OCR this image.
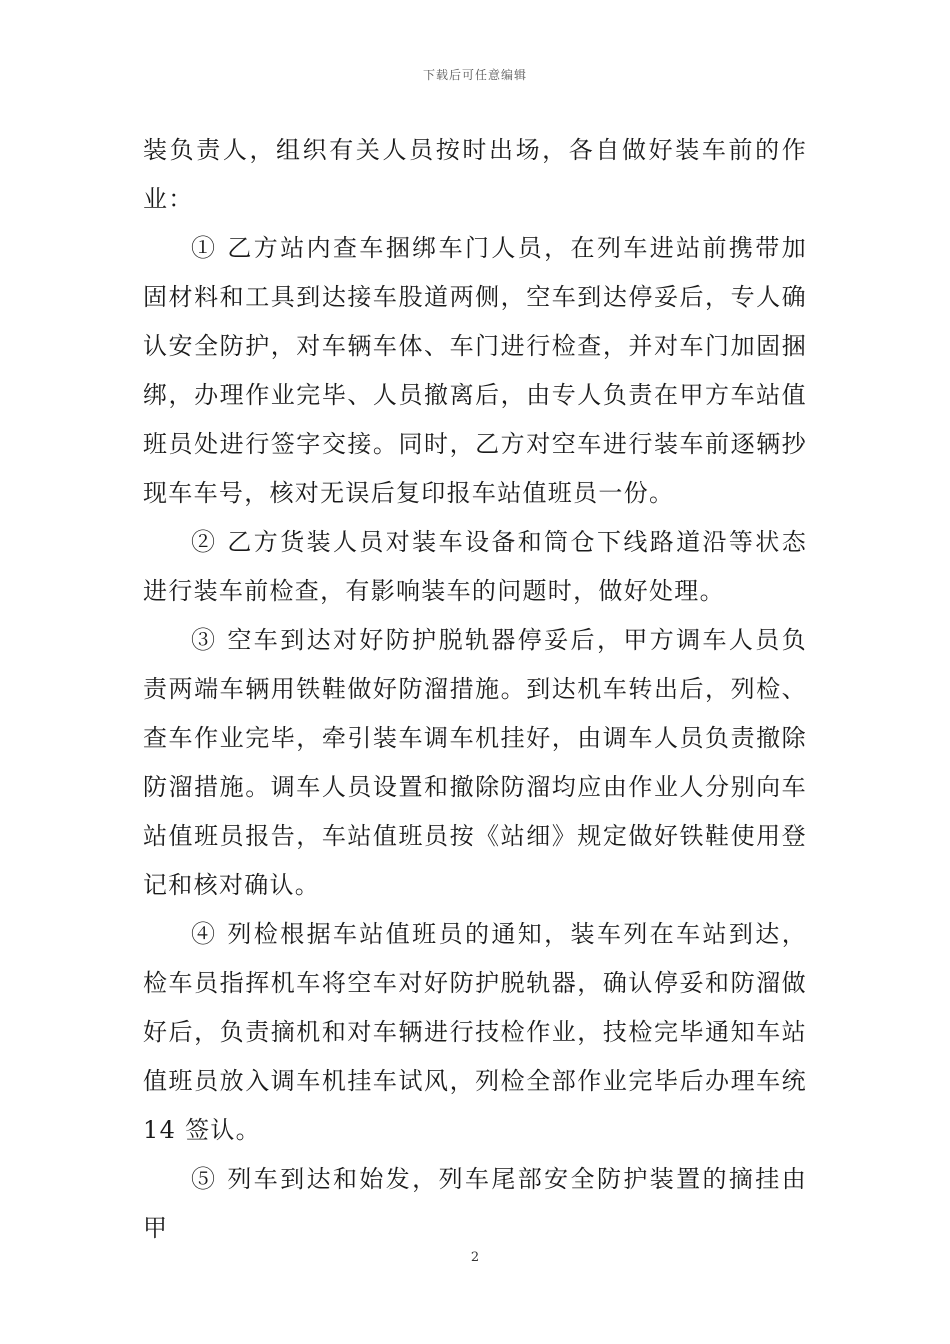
下载后可任意编辑

装负责人，组织有关人员按时出场，各自做好装车前的作业：

① 乙方站内查车捆绑车门人员，在列车进站前携带加固材料和工具到达接车股道两侧，空车到达停妥后，专人确认安全防护，对车辆车体、车门进行检查，并对车门加固捆绑，办理作业完毕、人员撤离后，由专人负责在甲方车站值班员处进行签字交接。同时，乙方对空车进行装车前逐辆抄现车车号，核对无误后复印报车站值班员一份。

② 乙方货装人员对装车设备和筒仓下线路道沿等状态进行装车前检查，有影响装车的问题时，做好处理。

③ 空车到达对好防护脱轨器停妥后，甲方调车人员负责两端车辆用铁鞋做好防溜措施。到达机车转出后，列检、查车作业完毕，牵引装车调车机挂好，由调车人员负责撤除防溜措施。调车人员设置和撤除防溜均应由作业人分别向车站值班员报告，车站值班员按《站细》规定做好铁鞋使用登记和核对确认。

④ 列检根据车站值班员的通知，装车列在车站到达，检车员指挥机车将空车对好防护脱轨器，确认停妥和防溜做好后，负责摘机和对车辆进行技检作业，技检完毕通知车站值班员放入调车机挂车试风，列检全部作业完毕后办理车统 14 签认。

⑤ 列车到达和始发，列车尾部安全防护装置的摘挂由甲

2
